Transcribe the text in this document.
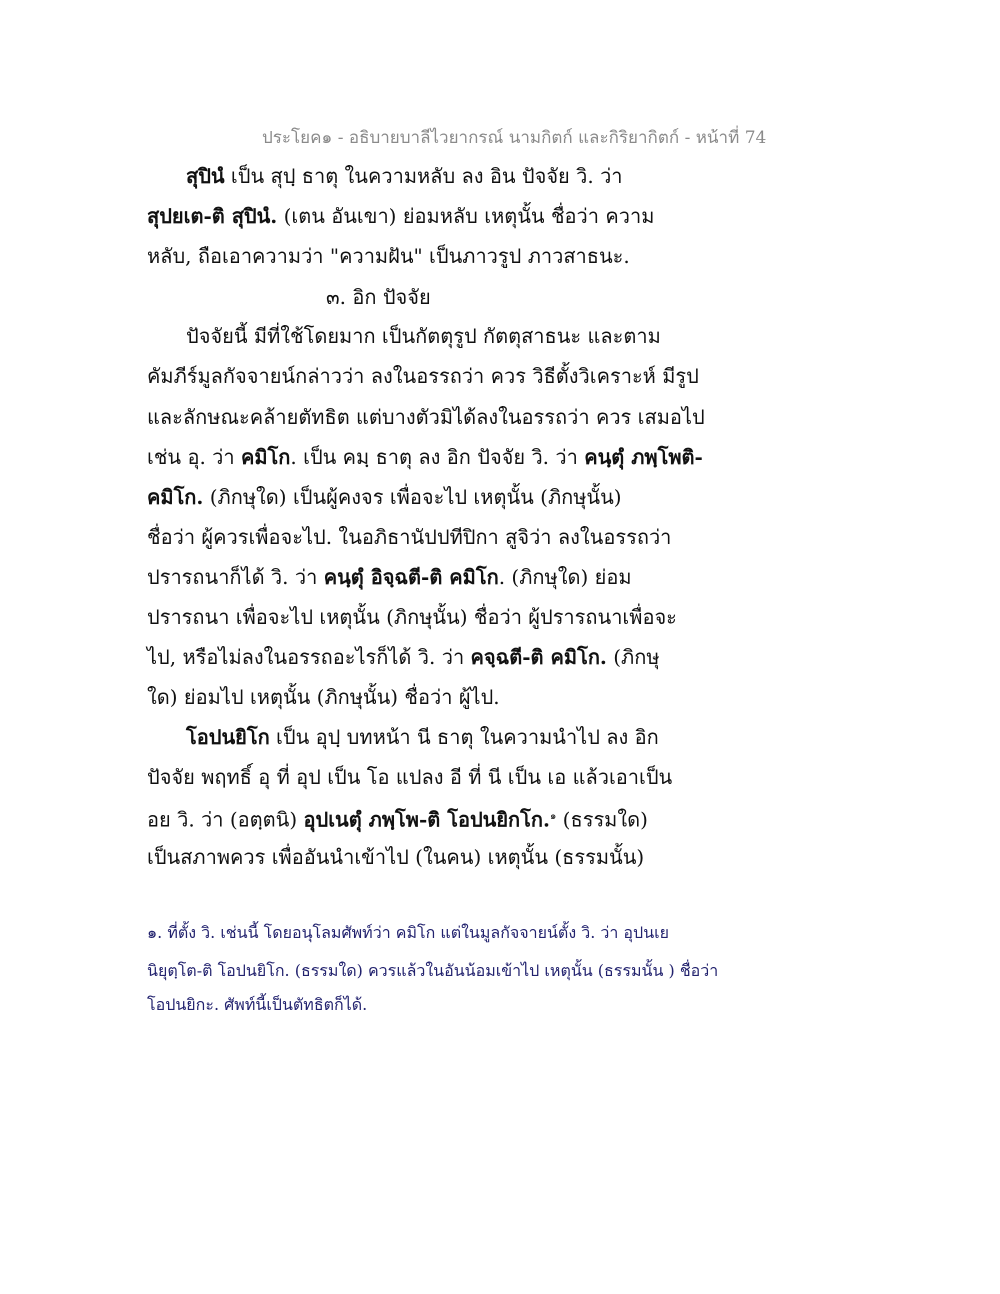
ประโยค๑ - อธิบายบาลีไวยากรณ์ นามกิตก์ และกิริยากิตก์ - หน้าที่ 74
สุปินํ เป็น สุปฺ ธาตุ ในความหลับ ลง อิน ปัจจัย วิ. ว่า
สุปยเต-ติ สุปินํ. (เตน อันเขา) ย่อมหลับ เหตุนั้น ชื่อว่า ความ
หลับ, ถือเอาความว่า "ความฝัน" เป็นภาวรูป ภาวสาธนะ.
๓. อิก ปัจจัย
ปัจจัยนี้ มีที่ใช้โดยมาก เป็นกัตตุรูป กัตตุสาธนะ และตาม
คัมภีร์มูลกัจจายน์กล่าวว่า ลงในอรรถว่า ควร วิธีตั้งวิเคราะห์ มีรูป
และลักษณะคล้ายตัทธิต แต่บางตัวมิได้ลงในอรรถว่า ควร เสมอไป
เช่น อุ. ว่า คมิโก. เป็น คมฺ ธาตุ ลง อิก ปัจจัย วิ. ว่า คนฺตุํ ภพฺโพติ-
คมิโก. (ภิกษุใด) เป็นผู้คงจร เพื่อจะไป เหตุนั้น (ภิกษุนั้น)
ชื่อว่า ผู้ควรเพื่อจะไป. ในอภิธานัปปทีปิกา สูจิว่า ลงในอรรถว่า
ปรารถนาก็ได้ วิ. ว่า คนฺตุํ อิจฺฉตี-ติ คมิโก. (ภิกษุใด) ย่อม
ปรารถนา เพื่อจะไป เหตุนั้น (ภิกษุนั้น) ชื่อว่า ผู้ปรารถนาเพื่อจะ
ไป, หรือไม่ลงในอรรถอะไรก็ได้ วิ. ว่า คจฺฉตี-ติ คมิโก. (ภิกษุ
ใด) ย่อมไป เหตุนั้น (ภิกษุนั้น) ชื่อว่า ผู้ไป.
โอปนยิโก เป็น อุปฺ บทหน้า นี ธาตุ ในความนำไป ลง อิก
ปัจจัย พฤทธิ์ อุ ที่ อุป เป็น โอ แปลง อี ที่ นี เป็น เอ แล้วเอาเป็น
อย วิ. ว่า (อตฺตนิ) อุปเนตุํ ภพฺโพ-ติ โอปนยิกโก.$^๑$ (ธรรมใด)
เป็นสภาพควร เพื่ออันนำเข้าไป (ในคน) เหตุนั้น (ธรรมนั้น)
๑. ที่ตั้ง วิ. เช่นนี้ โดยอนุโลมศัพท์ว่า คมิโก แต่ในมูลกัจจายน์ตั้ง วิ. ว่า อุปนเย
นิยุตฺโต-ติ โอปนยิโก. (ธรรมใด) ควรแล้วในอันน้อมเข้าไป เหตุนั้น (ธรรมนั้น ) ชื่อว่า
โอปนยิกะ. ศัพท์นี้เป็นตัทธิตก็ได้.
